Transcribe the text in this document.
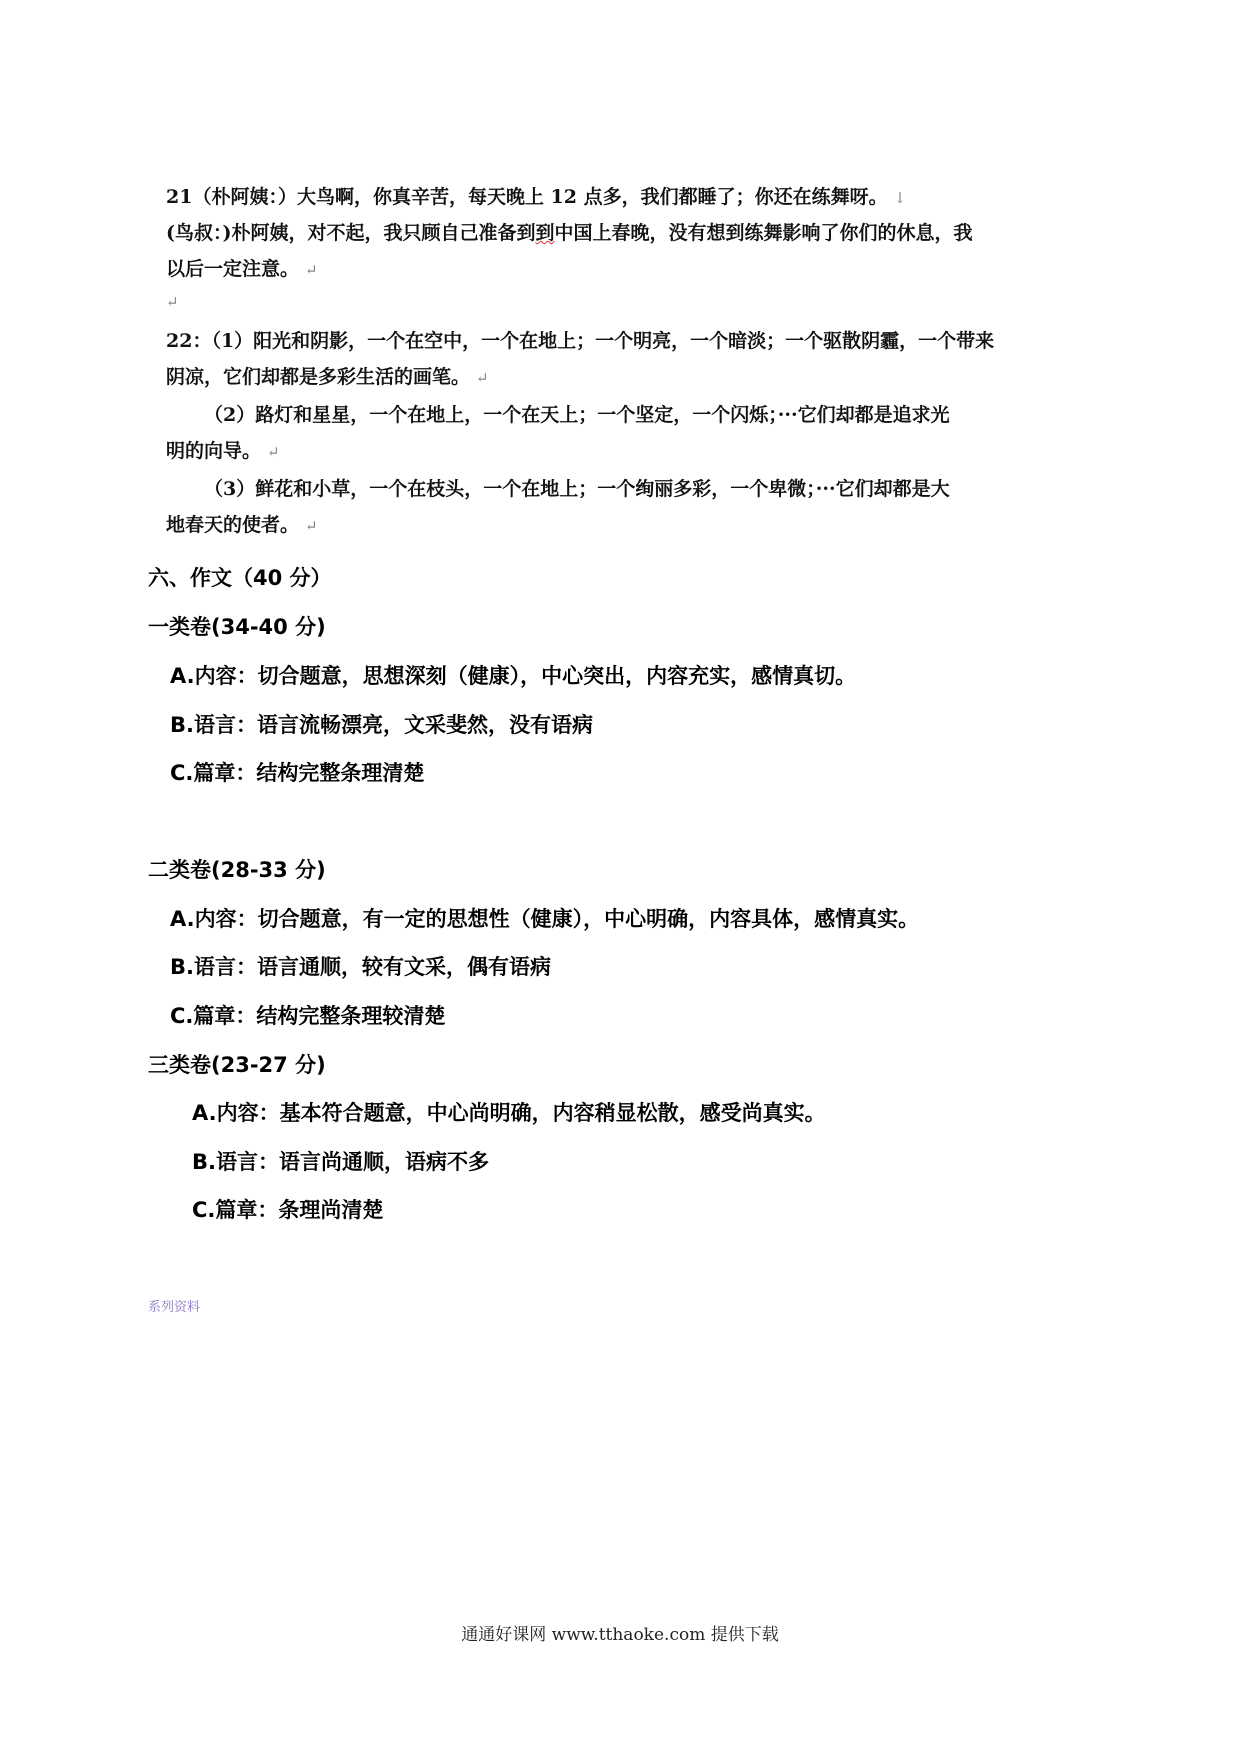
21（朴阿姨：）大鸟啊，你真辛苦，每天晚上 12 点多，我们都睡了；你还在练舞呀。 ↓
(鸟叔：)朴阿姨，对不起，我只顾自己准备到到中国上春晚，没有想到练舞影响了你们的休息，我
以后一定注意。 ↵
↵
22：（1）阳光和阴影，一个在空中，一个在地上；一个明亮，一个暗淡；一个驱散阴霾，一个带来
阴凉，它们却都是多彩生活的画笔。 ↵
（2）路灯和星星，一个在地上，一个在天上；一个坚定，一个闪烁；···它们却都是追求光
明的向导。 ↵
（3）鲜花和小草，一个在枝头，一个在地上；一个绚丽多彩，一个卑微；···它们却都是大
地春天的使者。 ↵
六、作文（40 分）
一类卷(34-40 分)
A.内容：切合题意，思想深刻（健康），中心突出，内容充实，感情真切。
B.语言：语言流畅漂亮，文采斐然，没有语病
C.篇章：结构完整条理清楚
二类卷(28-33 分)
A.内容：切合题意，有一定的思想性（健康），中心明确，内容具体，感情真实。
B.语言：语言通顺，较有文采，偶有语病
C.篇章：结构完整条理较清楚
三类卷(23-27 分)
A.内容：基本符合题意，中心尚明确，内容稍显松散，感受尚真实。
B.语言：语言尚通顺，语病不多
C.篇章：条理尚清楚
系列资料
通通好课网 www.tthaoke.com 提供下载
